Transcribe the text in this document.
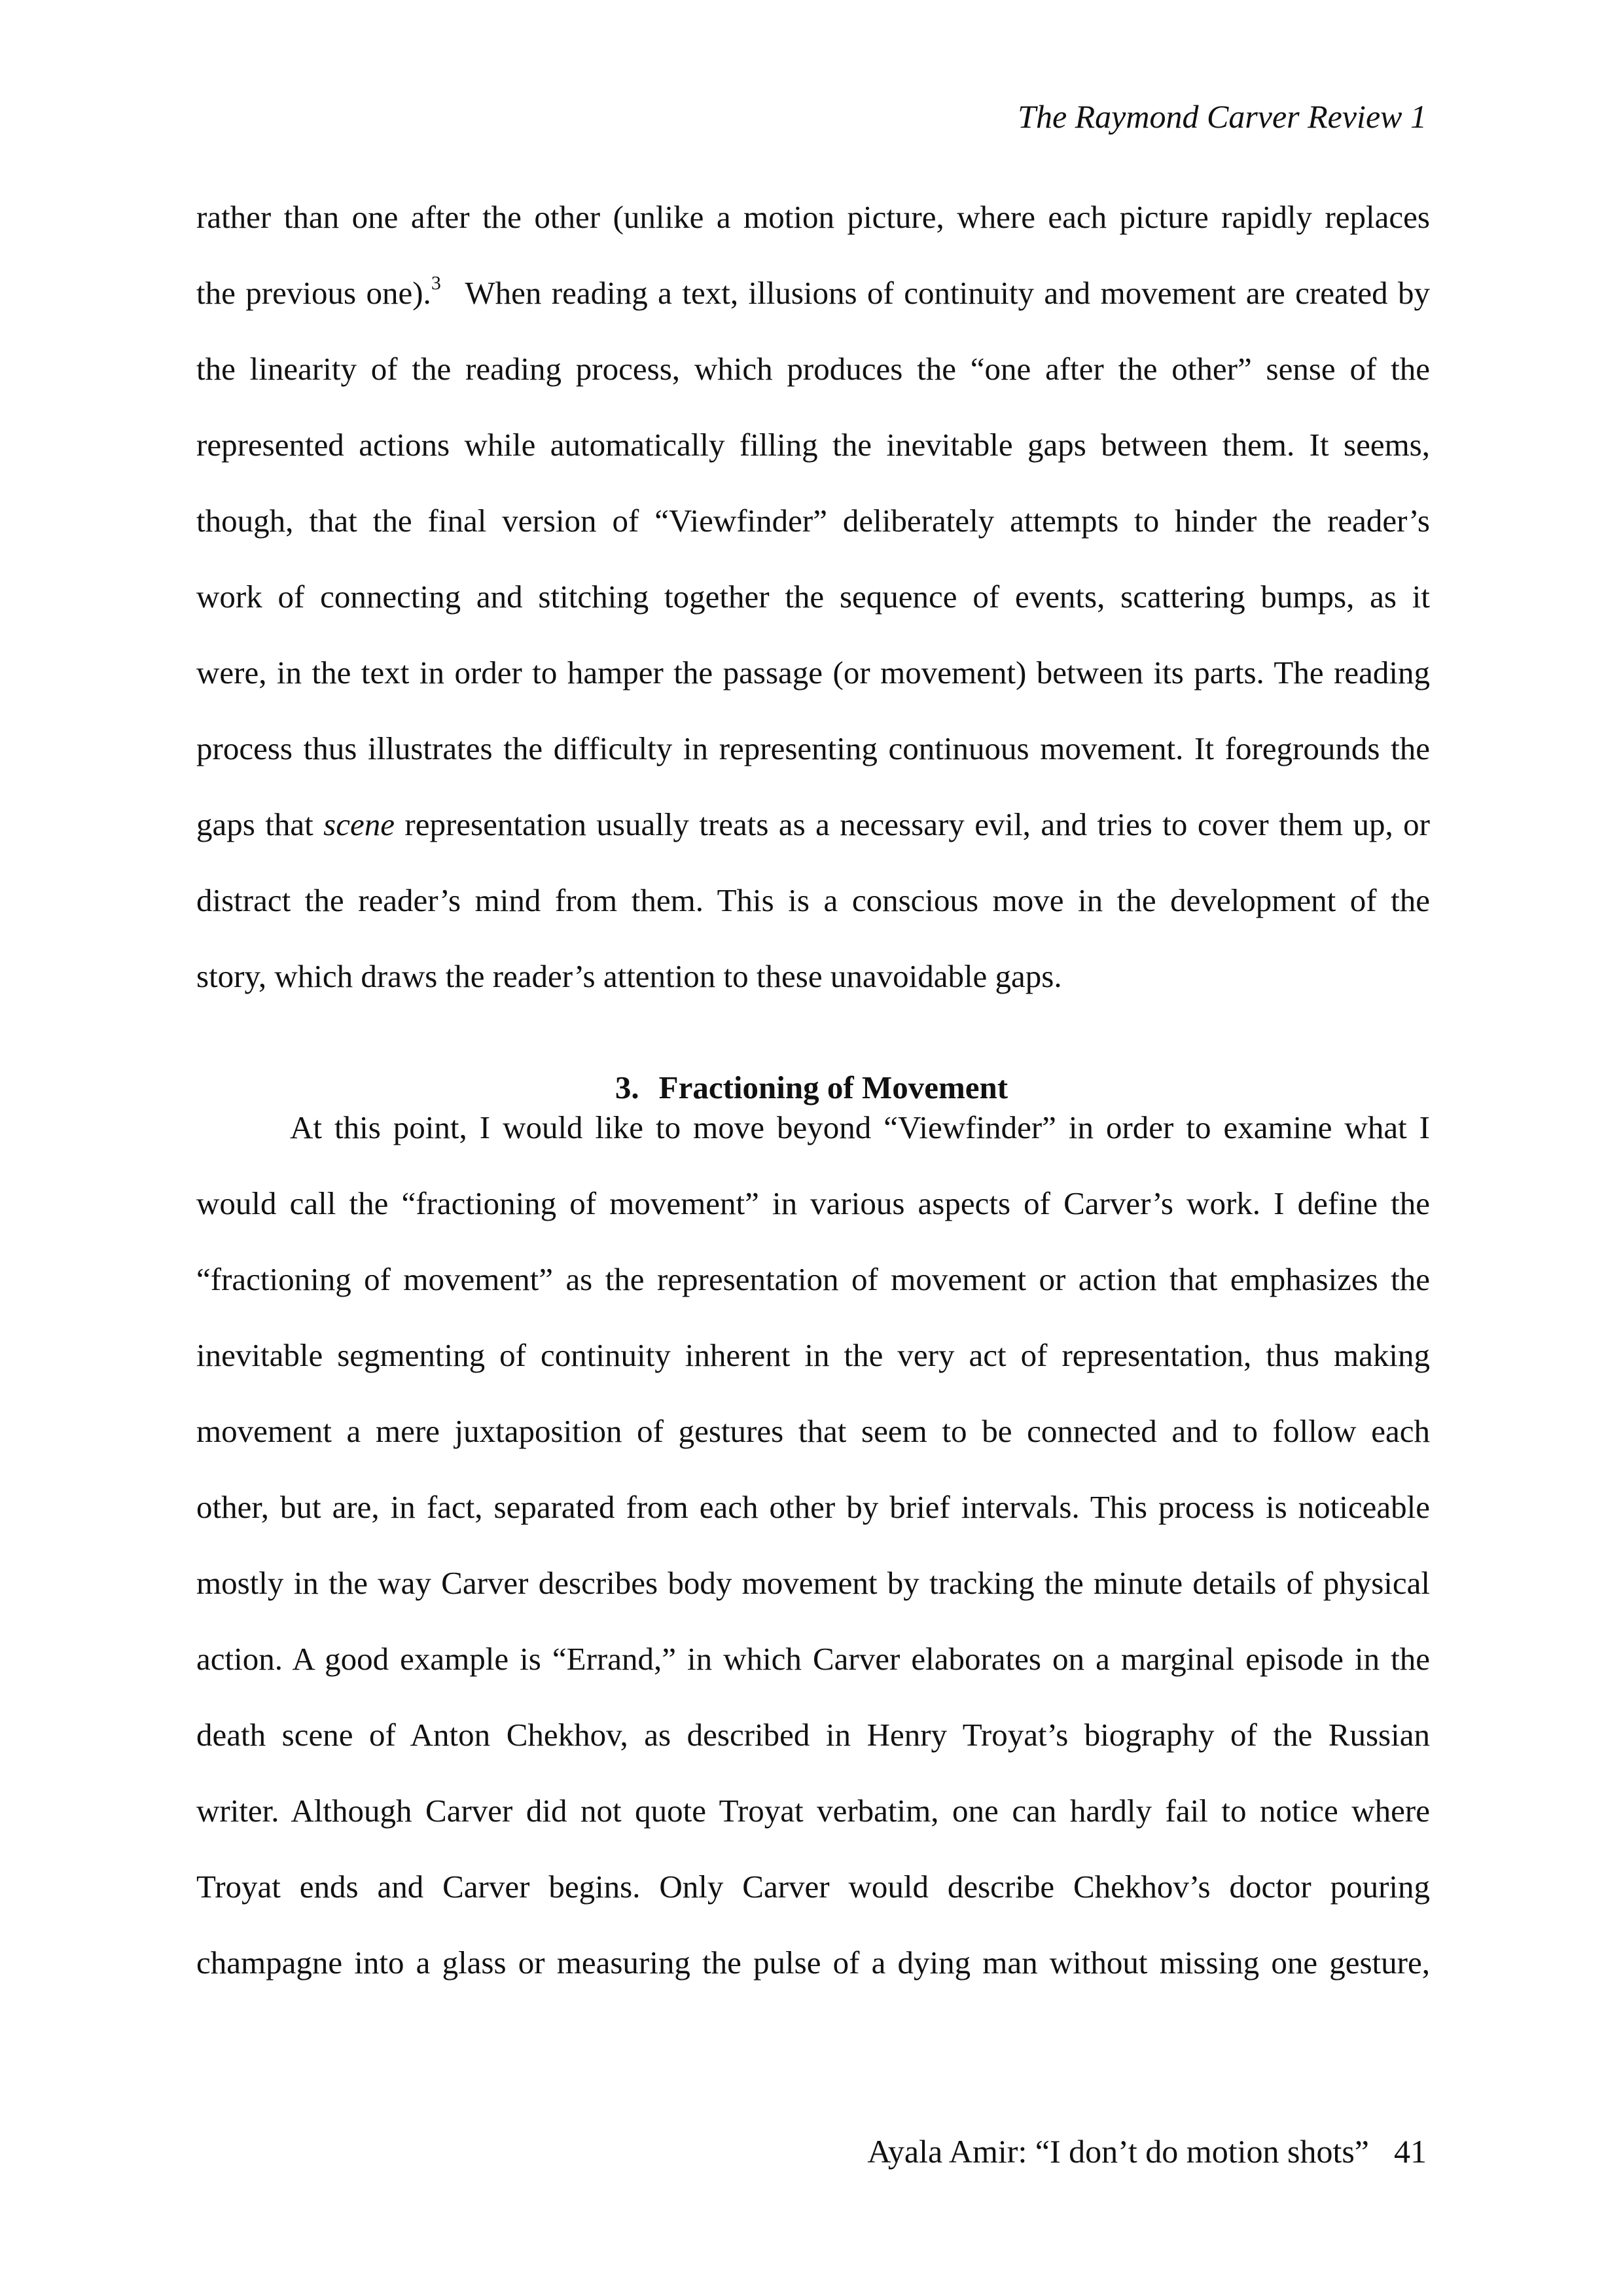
The Raymond Carver Review 1
rather than one after the other (unlike a motion picture, where each picture rapidly replaces
the previous one).$^3$ When reading a text, illusions of continuity and movement are created by
the linearity of the reading process, which produces the “one after the other” sense of the
represented actions while automatically filling the inevitable gaps between them. It seems,
though, that the final version of “Viewfinder” deliberately attempts to hinder the reader’s
work of connecting and stitching together the sequence of events, scattering bumps, as it
were, in the text in order to hamper the passage (or movement) between its parts. The reading
process thus illustrates the difficulty in representing continuous movement. It foregrounds the
gaps that scene representation usually treats as a necessary evil, and tries to cover them up, or
distract the reader’s mind from them. This is a conscious move in the development of the
story, which draws the reader’s attention to these unavoidable gaps.
3. Fractioning of Movement
At this point, I would like to move beyond “Viewfinder” in order to examine what I
would call the “fractioning of movement” in various aspects of Carver’s work. I define the
“fractioning of movement” as the representation of movement or action that emphasizes the
inevitable segmenting of continuity inherent in the very act of representation, thus making
movement a mere juxtaposition of gestures that seem to be connected and to follow each
other, but are, in fact, separated from each other by brief intervals. This process is noticeable
mostly in the way Carver describes body movement by tracking the minute details of physical
action. A good example is “Errand,” in which Carver elaborates on a marginal episode in the
death scene of Anton Chekhov, as described in Henry Troyat’s biography of the Russian
writer. Although Carver did not quote Troyat verbatim, one can hardly fail to notice where
Troyat ends and Carver begins. Only Carver would describe Chekhov’s doctor pouring
champagne into a glass or measuring the pulse of a dying man without missing one gesture,
Ayala Amir: “I don’t do motion shots” 41
